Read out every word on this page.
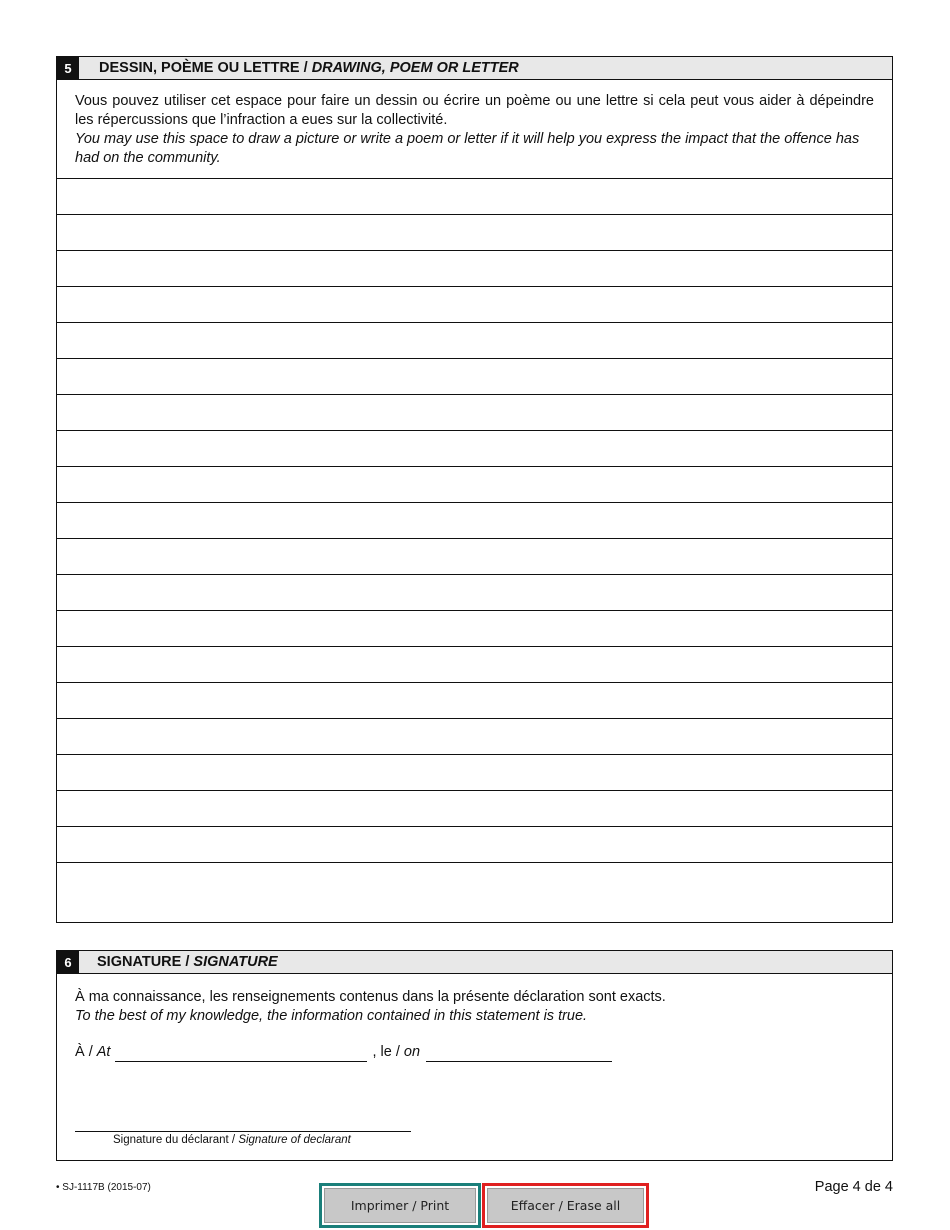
5	DESSIN, POÈME OU LETTRE / DRAWING, POEM OR LETTER
Vous pouvez utiliser cet espace pour faire un dessin ou écrire un poème ou une lettre si cela peut vous aider à dépeindre les répercussions que l’infraction a eues sur la collectivité.
You may use this space to draw a picture or write a poem or letter if it will help you express the impact that the offence has had on the community.
6	SIGNATURE / SIGNATURE
À ma connaissance, les renseignements contenus dans la présente déclaration sont exacts.
To the best of my knowledge, the information contained in this statement is true.
À /
At	, le /
on
Signature du déclarant / Signature of declarant
• SJ-1117B (2015-07)	Page 4 de 4
Imprimer / Print	Effacer / Erase all
